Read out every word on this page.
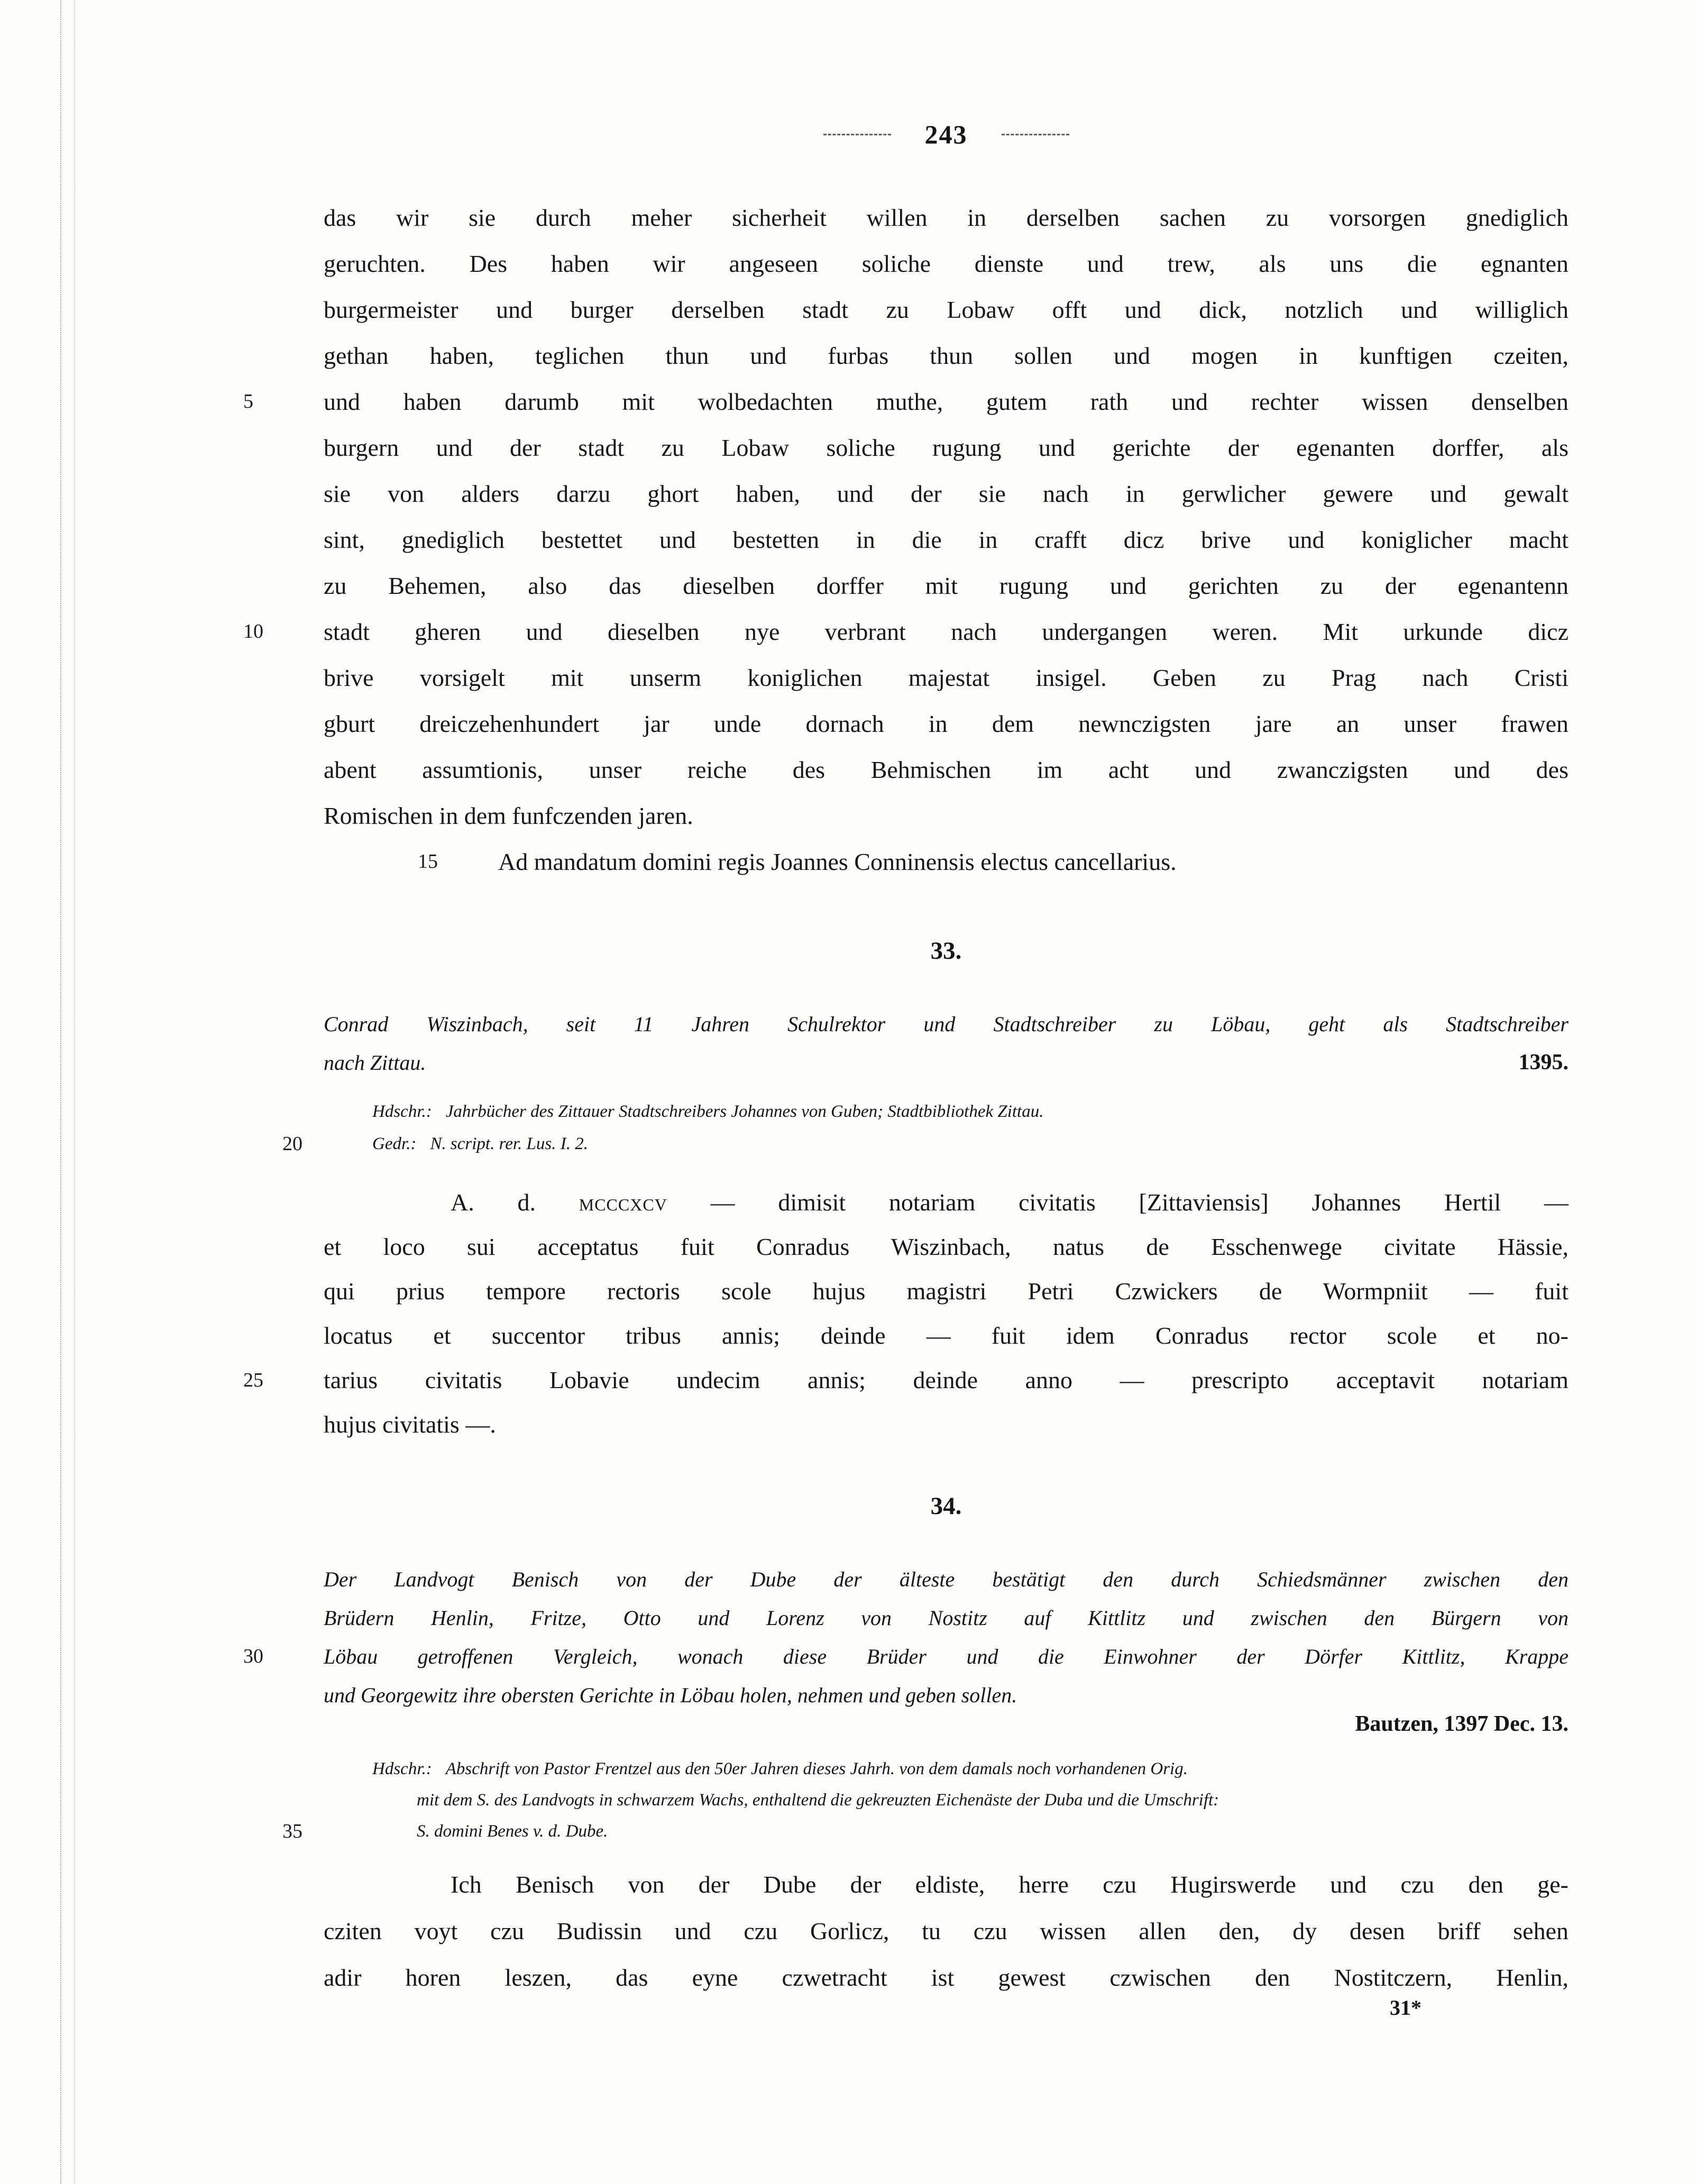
243
das wir sie durch meher sicherheit willen in derselben sachen zu vorsorgen gnediglich
geruchten. Des haben wir angeseen soliche dienste und trew, als uns die egnanten
burgermeister und burger derselben stadt zu Lobaw offt und dick, notzlich und williglich
gethan haben, teglichen thun und furbas thun sollen und mogen in kunftigen czeiten,
5	und haben darumb mit wolbedachten muthe, gutem rath und rechter wissen denselben
burgern und der stadt zu Lobaw soliche rugung und gerichte der egenanten dorffer, als
sie von alders darzu ghort haben, und der sie nach in gerwlicher gewere und gewalt
sint, gnediglich bestettet und bestetten in die in crafft dicz brive und koniglicher macht
zu Behemen, also das dieselben dorffer mit rugung und gerichten zu der egenantenn
10	stadt gheren und dieselben nye verbrant nach undergangen weren. Mit urkunde dicz
brive vorsigelt mit unserm koniglichen majestat insigel. Geben zu Prag nach Cristi
gburt dreiczehenhundert jar unde dornach in dem newnczigsten jare an unser frawen
abent assumtionis, unser reiche des Behmischen im acht und zwanczigsten und des
Romischen in dem funfczenden jaren.
15 Ad mandatum domini regis Joannes Conninensis electus cancellarius.
33.
Conrad Wiszinbach, seit 11 Jahren Schulrektor und Stadtschreiber zu Löbau, geht als Stadtschreiber
1395.
nach Zittau.
Hdschr.: Jahrbücher des Zittauer Stadtschreibers Johannes von Guben; Stadtbibliothek Zittau.
20	Gedr.: N. script. rer. Lus. I. 2.
A. d. mcccxcv — dimisit notariam civitatis [Zittaviensis] Johannes Hertil —
et loco sui acceptatus fuit Conradus Wiszinbach, natus de Esschenwege civitate Hässie,
qui prius tempore rectoris scole hujus magistri Petri Czwickers de Wormpniit — fuit
locatus et succentor tribus annis; deinde — fuit idem Conradus rector scole et no-
25	tarius civitatis Lobavie undecim annis; deinde anno — prescripto acceptavit notariam
hujus civitatis —.
34.
Der Landvogt Benisch von der Dube der älteste bestätigt den durch Schiedsmänner zwischen den
Brüdern Henlin, Fritze, Otto und Lorenz von Nostitz auf Kittlitz und zwischen den Bürgern von
30	Löbau getroffenen Vergleich, wonach diese Brüder und die Einwohner der Dörfer Kittlitz, Krappe
und Georgewitz ihre obersten Gerichte in Löbau holen, nehmen und geben sollen.
Bautzen, 1397 Dec. 13.
Hdschr.: Abschrift von Pastor Frentzel aus den 50er Jahren dieses Jahrh. von dem damals noch vorhandenen Orig.
mit dem S. des Landvogts in schwarzem Wachs, enthaltend die gekreuzten Eichenäste der Duba und die Umschrift:
35	S. domini Benes v. d. Dube.
Ich Benisch von der Dube der eldiste, herre czu Hugirswerde und czu den ge-
cziten voyt czu Budissin und czu Gorlicz, tu czu wissen allen den, dy desen briff sehen
adir horen leszen, das eyne czwetracht ist gewest czwischen den Nostitczern, Henlin,
31*
